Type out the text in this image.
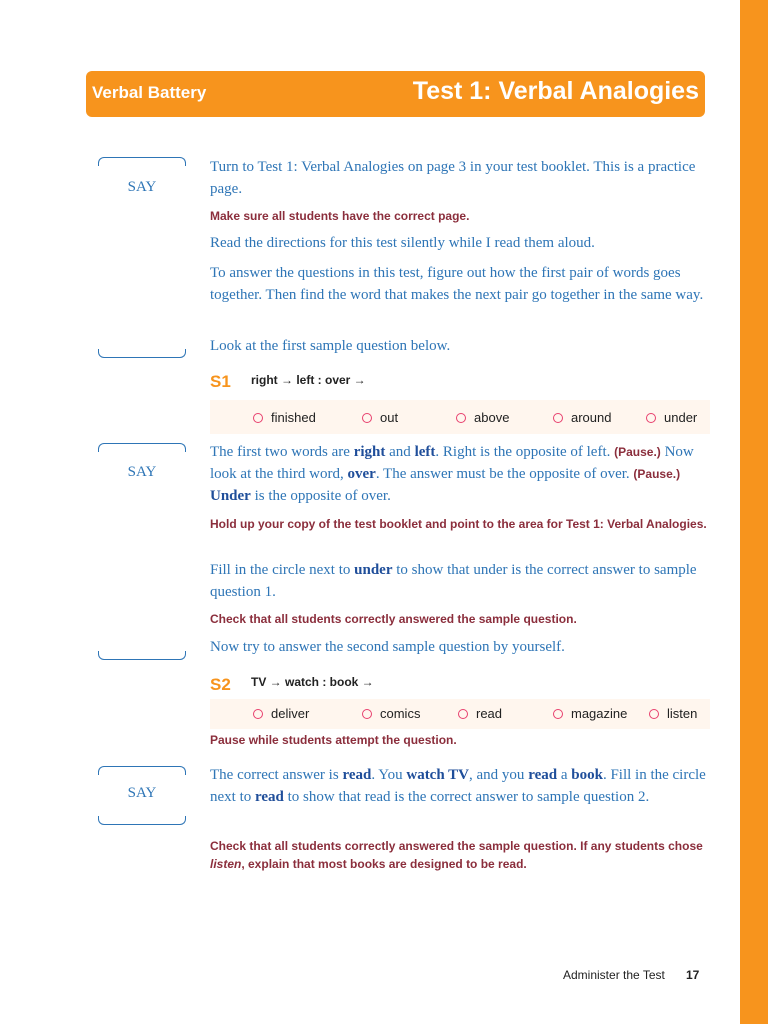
Verbal Battery	Test 1: Verbal Analogies
SAY

Turn to Test 1: Verbal Analogies on page 3 in your test booklet. This is a practice page.

Make sure all students have the correct page.

Read the directions for this test silently while I read them aloud.

To answer the questions in this test, figure out how the first pair of words goes together. Then find the word that makes the next pair go together in the same way.

Look at the first sample question below.

S1 right → left : over →
finished	out	above	around	under
SAY

The first two words are right and left. Right is the opposite of left. (Pause.) Now look at the third word, over. The answer must be the opposite of over. (Pause.) Under is the opposite of over.

Hold up your copy of the test booklet and point to the area for Test 1: Verbal Analogies.

Fill in the circle next to under to show that under is the correct answer to sample question 1.

Check that all students correctly answered the sample question.

Now try to answer the second sample question by yourself.

S2 TV → watch : book →
deliver	comics	read	magazine	listen

Pause while students attempt the question.

SAY

The correct answer is read. You watch TV, and you read a book. Fill in the circle next to read to show that read is the correct answer to sample question 2.

Check that all students correctly answered the sample question. If any students chose listen, explain that most books are designed to be read.

Administer the Test 17
